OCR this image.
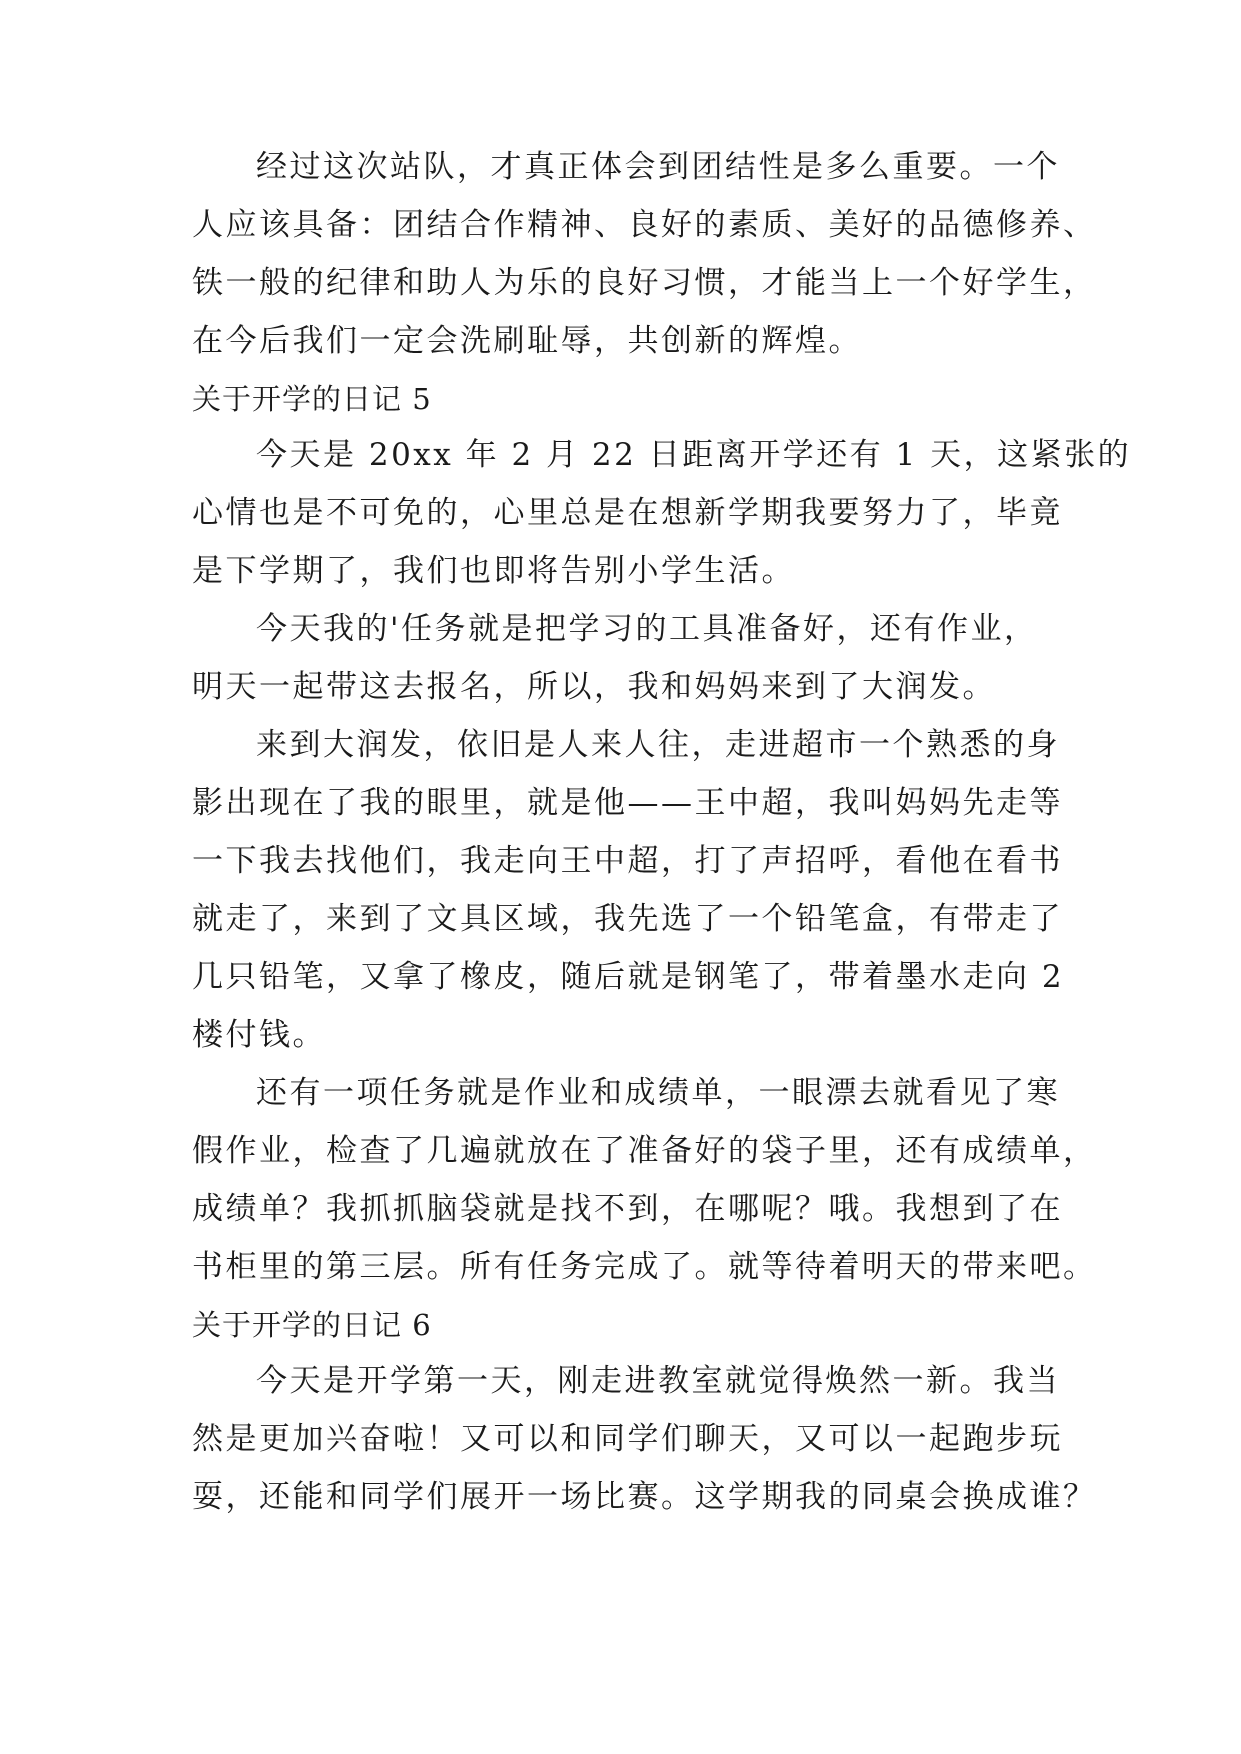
经过这次站队，才真正体会到团结性是多么重要。一个
人应该具备：团结合作精神、良好的素质、美好的品德修养、
铁一般的纪律和助人为乐的良好习惯，才能当上一个好学生，
在今后我们一定会洗刷耻辱，共创新的辉煌。
关于开学的日记 5
今天是 20xx 年 2 月 22 日距离开学还有 1 天，这紧张的
心情也是不可免的，心里总是在想新学期我要努力了，毕竟
是下学期了，我们也即将告别小学生活。
今天我的'任务就是把学习的工具准备好，还有作业，
明天一起带这去报名，所以，我和妈妈来到了大润发。
来到大润发，依旧是人来人往，走进超市一个熟悉的身
影出现在了我的眼里，就是他——王中超，我叫妈妈先走等
一下我去找他们，我走向王中超，打了声招呼，看他在看书
就走了，来到了文具区域，我先选了一个铅笔盒，有带走了
几只铅笔，又拿了橡皮，随后就是钢笔了，带着墨水走向 2
楼付钱。
还有一项任务就是作业和成绩单，一眼漂去就看见了寒
假作业，检查了几遍就放在了准备好的袋子里，还有成绩单，
成绩单？我抓抓脑袋就是找不到，在哪呢？哦。我想到了在
书柜里的第三层。所有任务完成了。就等待着明天的带来吧。
关于开学的日记 6
今天是开学第一天，刚走进教室就觉得焕然一新。我当
然是更加兴奋啦！又可以和同学们聊天，又可以一起跑步玩
耍，还能和同学们展开一场比赛。这学期我的同桌会换成谁？
